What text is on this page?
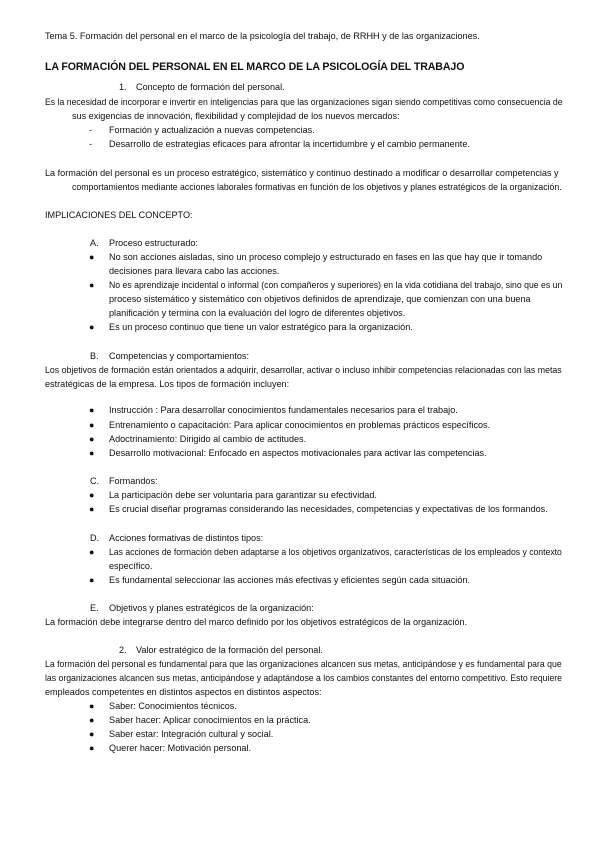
Tema 5. Formación del personal en el marco de la psicología del trabajo, de RRHH y de las organizaciones.
LA FORMACIÓN DEL PERSONAL EN EL MARCO DE LA PSICOLOGÍA DEL TRABAJO
1. Concepto de formación del personal.
Es la necesidad de incorporar e invertir en inteligencias para que las organizaciones sigan siendo competitivas como consecuencia de
sus exigencias de innovación, flexibilidad y complejidad de los nuevos mercados:
- Formación y actualización a nuevas competencias.
- Desarrollo de estrategias eficaces para afrontar la incertidumbre y el cambio permanente.
La formación del personal es un proceso estratégico, sistemático y continuo destinado a modificar o desarrollar competencias y
comportamientos mediante acciones laborales formativas en función de los objetivos y planes estratégicos de la organización.
IMPLICACIONES DEL CONCEPTO:
A. Proceso estructurado:
● No son acciones aisladas, sino un proceso complejo y estructurado en fases en las que hay que ir tomando
decisiones para llevara cabo las acciones.
● No es aprendizaje incidental o informal (con compañeros y superiores) en la vida cotidiana del trabajo, sino que es un
proceso sistemático y sistemático con objetivos definidos de aprendizaje, que comienzan con una buena
planificación y termina con la evaluación del logro de diferentes objetivos.
● Es un proceso continuo que tiene un valor estratégico para la organización.
B. Competencias y comportamientos:
Los objetivos de formación están orientados a adquirir, desarrollar, activar o incluso inhibir competencias relacionadas con las metas
estratégicas de la empresa. Los tipos de formación incluyen:
● Instrucción : Para desarrollar conocimientos fundamentales necesarios para el trabajo.
● Entrenamiento o capacitación: Para aplicar conocimientos en problemas prácticos específicos.
● Adoctrinamiento: Dirigido al cambio de actitudes.
● Desarrollo motivacional: Enfocado en aspectos motivacionales para activar las competencias.
C. Formandos:
● La participación debe ser voluntaria para garantizar su efectividad.
● Es crucial diseñar programas considerando las necesidades, competencias y expectativas de los formandos.
D. Acciones formativas de distintos tipos:
● Las acciones de formación deben adaptarse a los objetivos organizativos, características de los empleados y contexto
específico.
● Es fundamental seleccionar las acciones más efectivas y eficientes según cada situación.
E. Objetivos y planes estratégicos de la organización:
La formación debe integrarse dentro del marco definido por los objetivos estratégicos de la organización.
2. Valor estratégico de la formación del personal.
La formación del personal es fundamental para que las organizaciones alcancen sus metas, anticipándose y es fundamental para que
las organizaciones alcancen sus metas, anticipándose y adaptándose a los cambios constantes del entorno competitivo. Esto requiere
empleados competentes en distintos aspectos en distintos aspectos:
● Saber: Conocimientos técnicos.
● Saber hacer: Aplicar conocimientos en la práctica.
● Saber estar: Integración cultural y social.
● Querer hacer: Motivación personal.
